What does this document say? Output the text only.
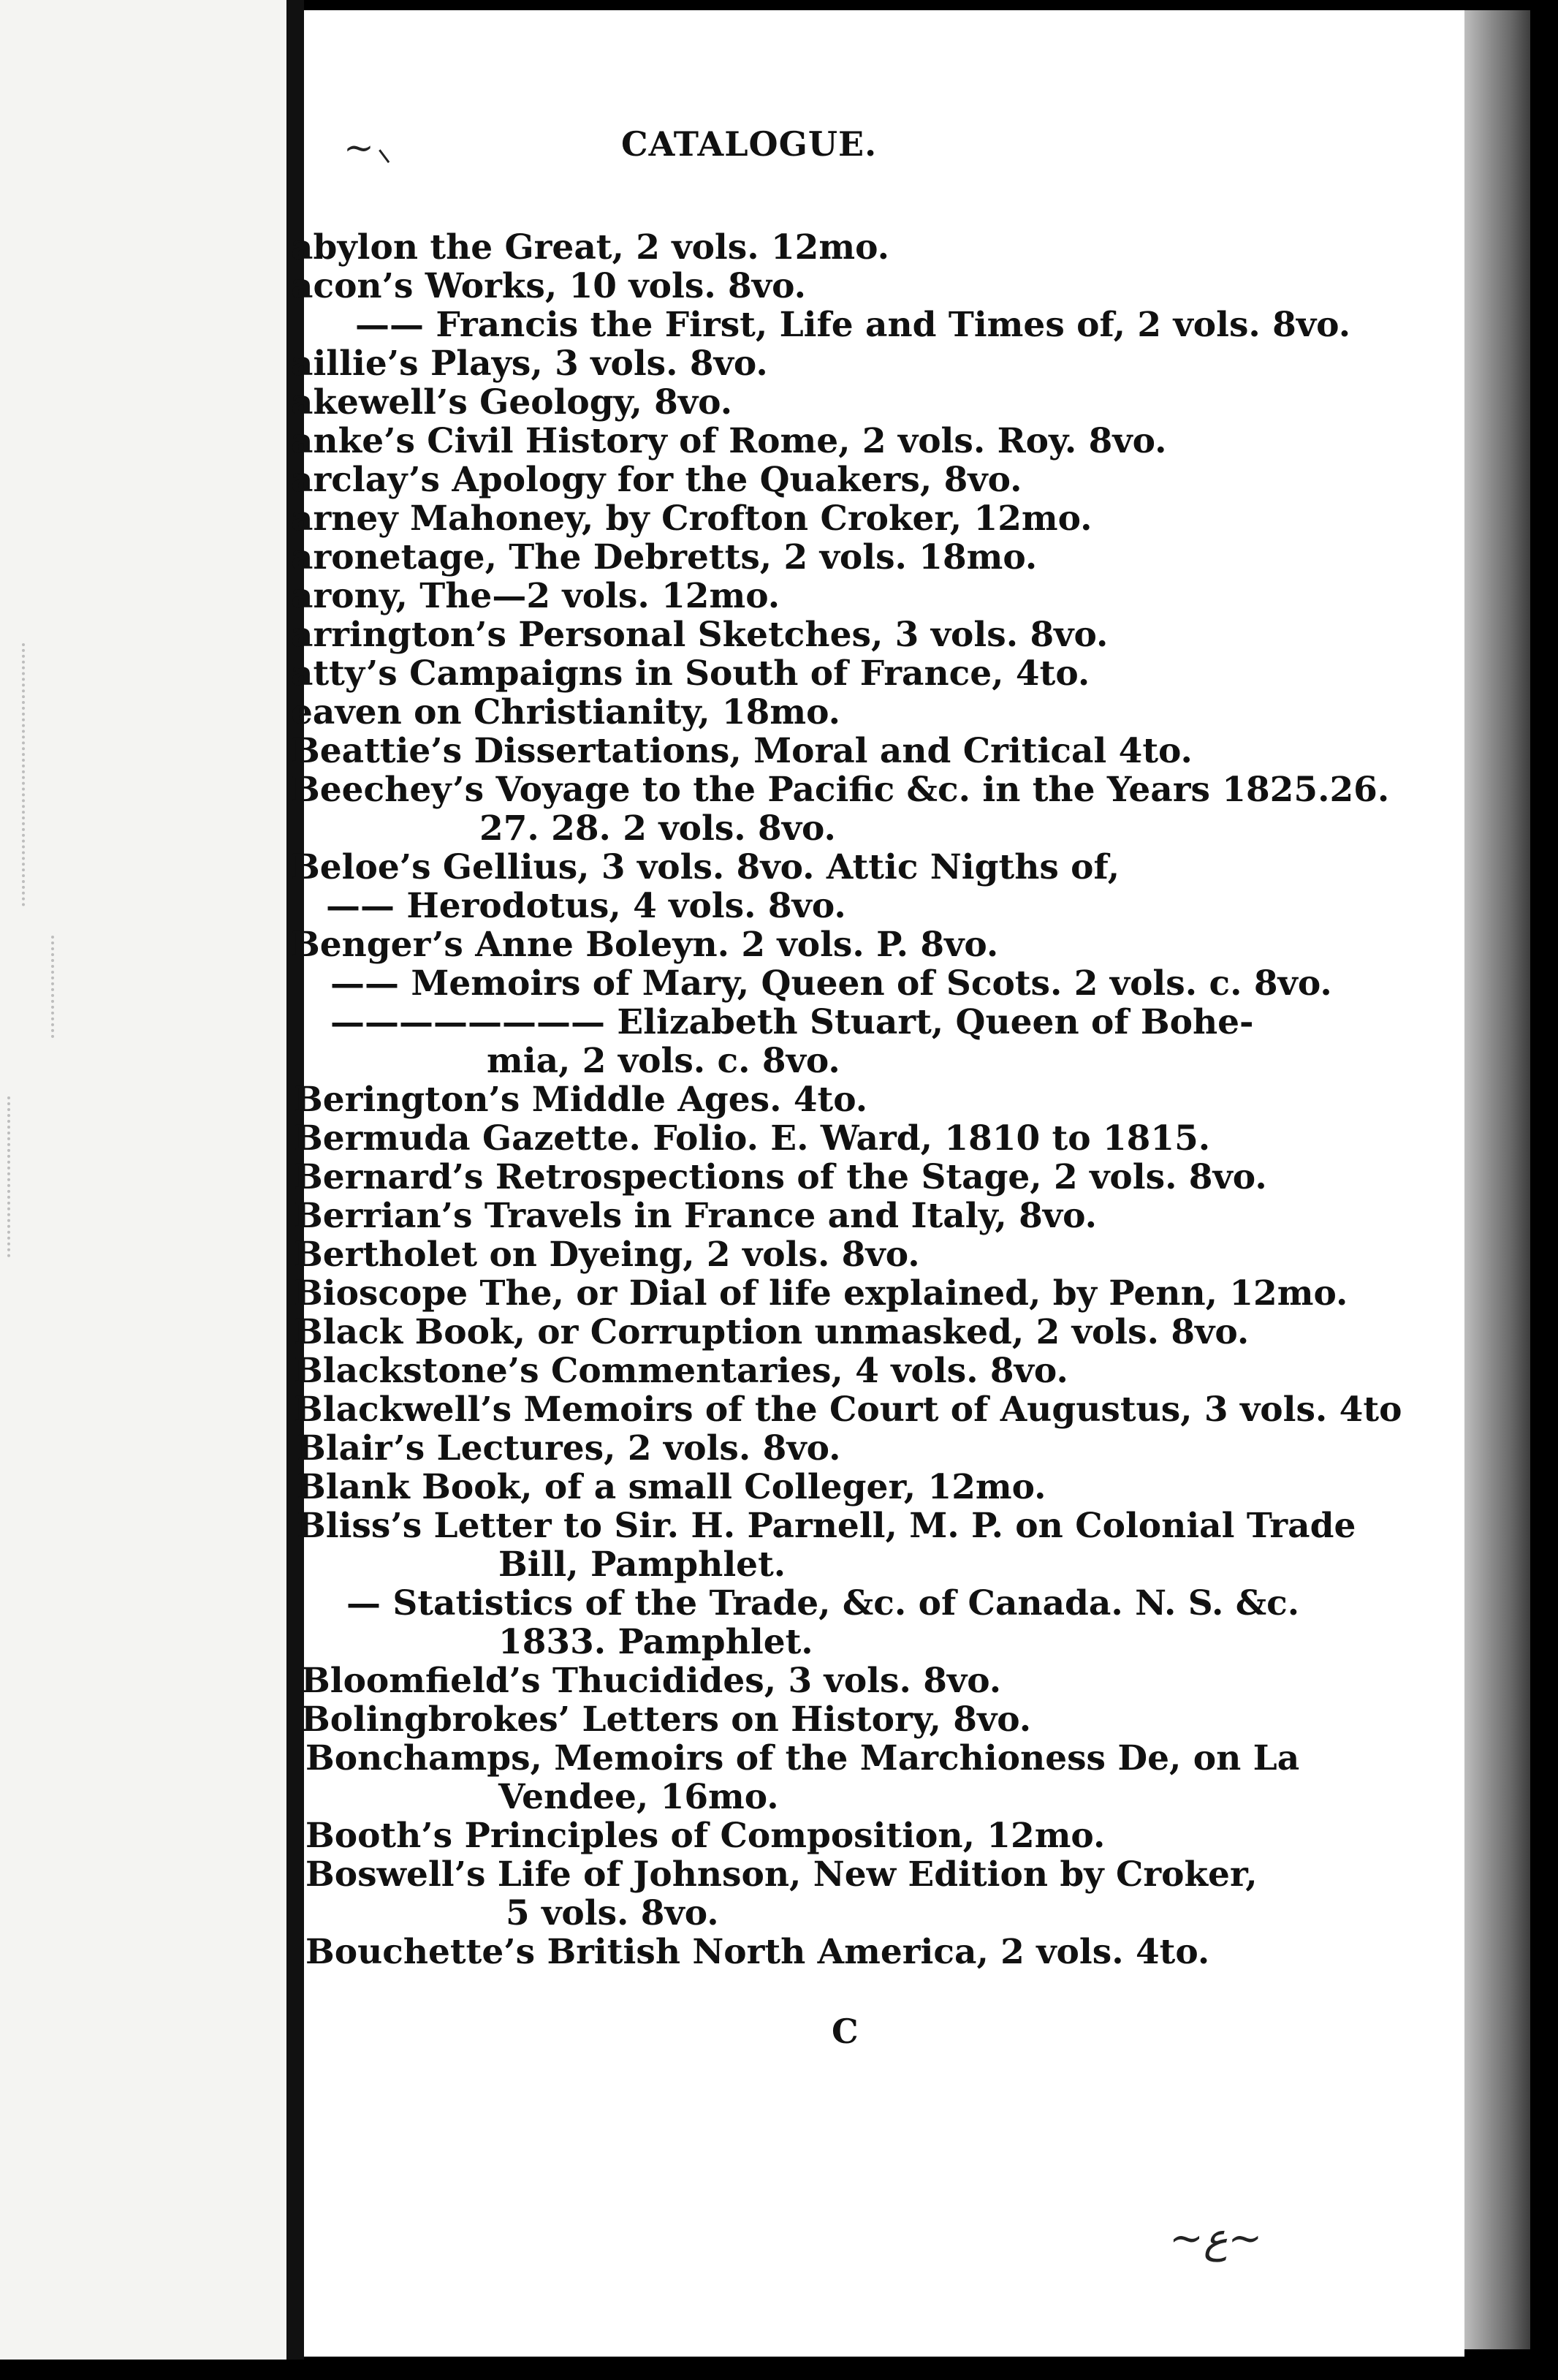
~⸜	CATALOGUE.
abylon the Great, 2 vols. 12mo.
acon’s Works, 10 vols. 8vo.
—— Francis the First, Life and Times of, 2 vols. 8vo.
aillie’s Plays, 3 vols. 8vo.
akewell’s Geology, 8vo.
anke’s Civil History of Rome, 2 vols. Roy. 8vo.
arclay’s Apology for the Quakers, 8vo.
arney Mahoney, by Crofton Croker, 12mo.
aronetage, The Debretts, 2 vols. 18mo.
arony, The—2 vols. 12mo.
arrington’s Personal Sketches, 3 vols. 8vo.
atty’s Campaigns in South of France, 4to.
eaven on Christianity, 18mo.
Beattie’s Dissertations, Moral and Critical 4to.
Beechey’s Voyage to the Pacific &c. in the Years 1825.26.
27. 28. 2 vols. 8vo.
Beloe’s Gellius, 3 vols. 8vo. Attic Nigths of,
—— Herodotus, 4 vols. 8vo.
Benger’s Anne Boleyn. 2 vols. P. 8vo.
—— Memoirs of Mary, Queen of Scots. 2 vols. c. 8vo.
———————— Elizabeth Stuart, Queen of Bohe-
mia, 2 vols. c. 8vo.
Berington’s Middle Ages. 4to.
Bermuda Gazette. Folio. E. Ward, 1810 to 1815.
Bernard’s Retrospections of the Stage, 2 vols. 8vo.
Berrian’s Travels in France and Italy, 8vo.
Bertholet on Dyeing, 2 vols. 8vo.
Bioscope The, or Dial of life explained, by Penn, 12mo.
Black Book, or Corruption unmasked, 2 vols. 8vo.
Blackstone’s Commentaries, 4 vols. 8vo.
Blackwell’s Memoirs of the Court of Augustus, 3 vols. 4to
Blair’s Lectures, 2 vols. 8vo.
Blank Book, of a small Colleger, 12mo.
Bliss’s Letter to Sir. H. Parnell, M. P. on Colonial Trade
Bill, Pamphlet.
— Statistics of the Trade, &c. of Canada. N. S. &c.
1833. Pamphlet.
Bloomfield’s Thucidides, 3 vols. 8vo.
Bolingbrokes’ Letters on History, 8vo.
Bonchamps, Memoirs of the Marchioness De, on La
Vendee, 16mo.
Booth’s Principles of Composition, 12mo.
Boswell’s Life of Johnson, New Edition by Croker,
5 vols. 8vo.
Bouchette’s British North America, 2 vols. 4to.
C
~ﻉ~
